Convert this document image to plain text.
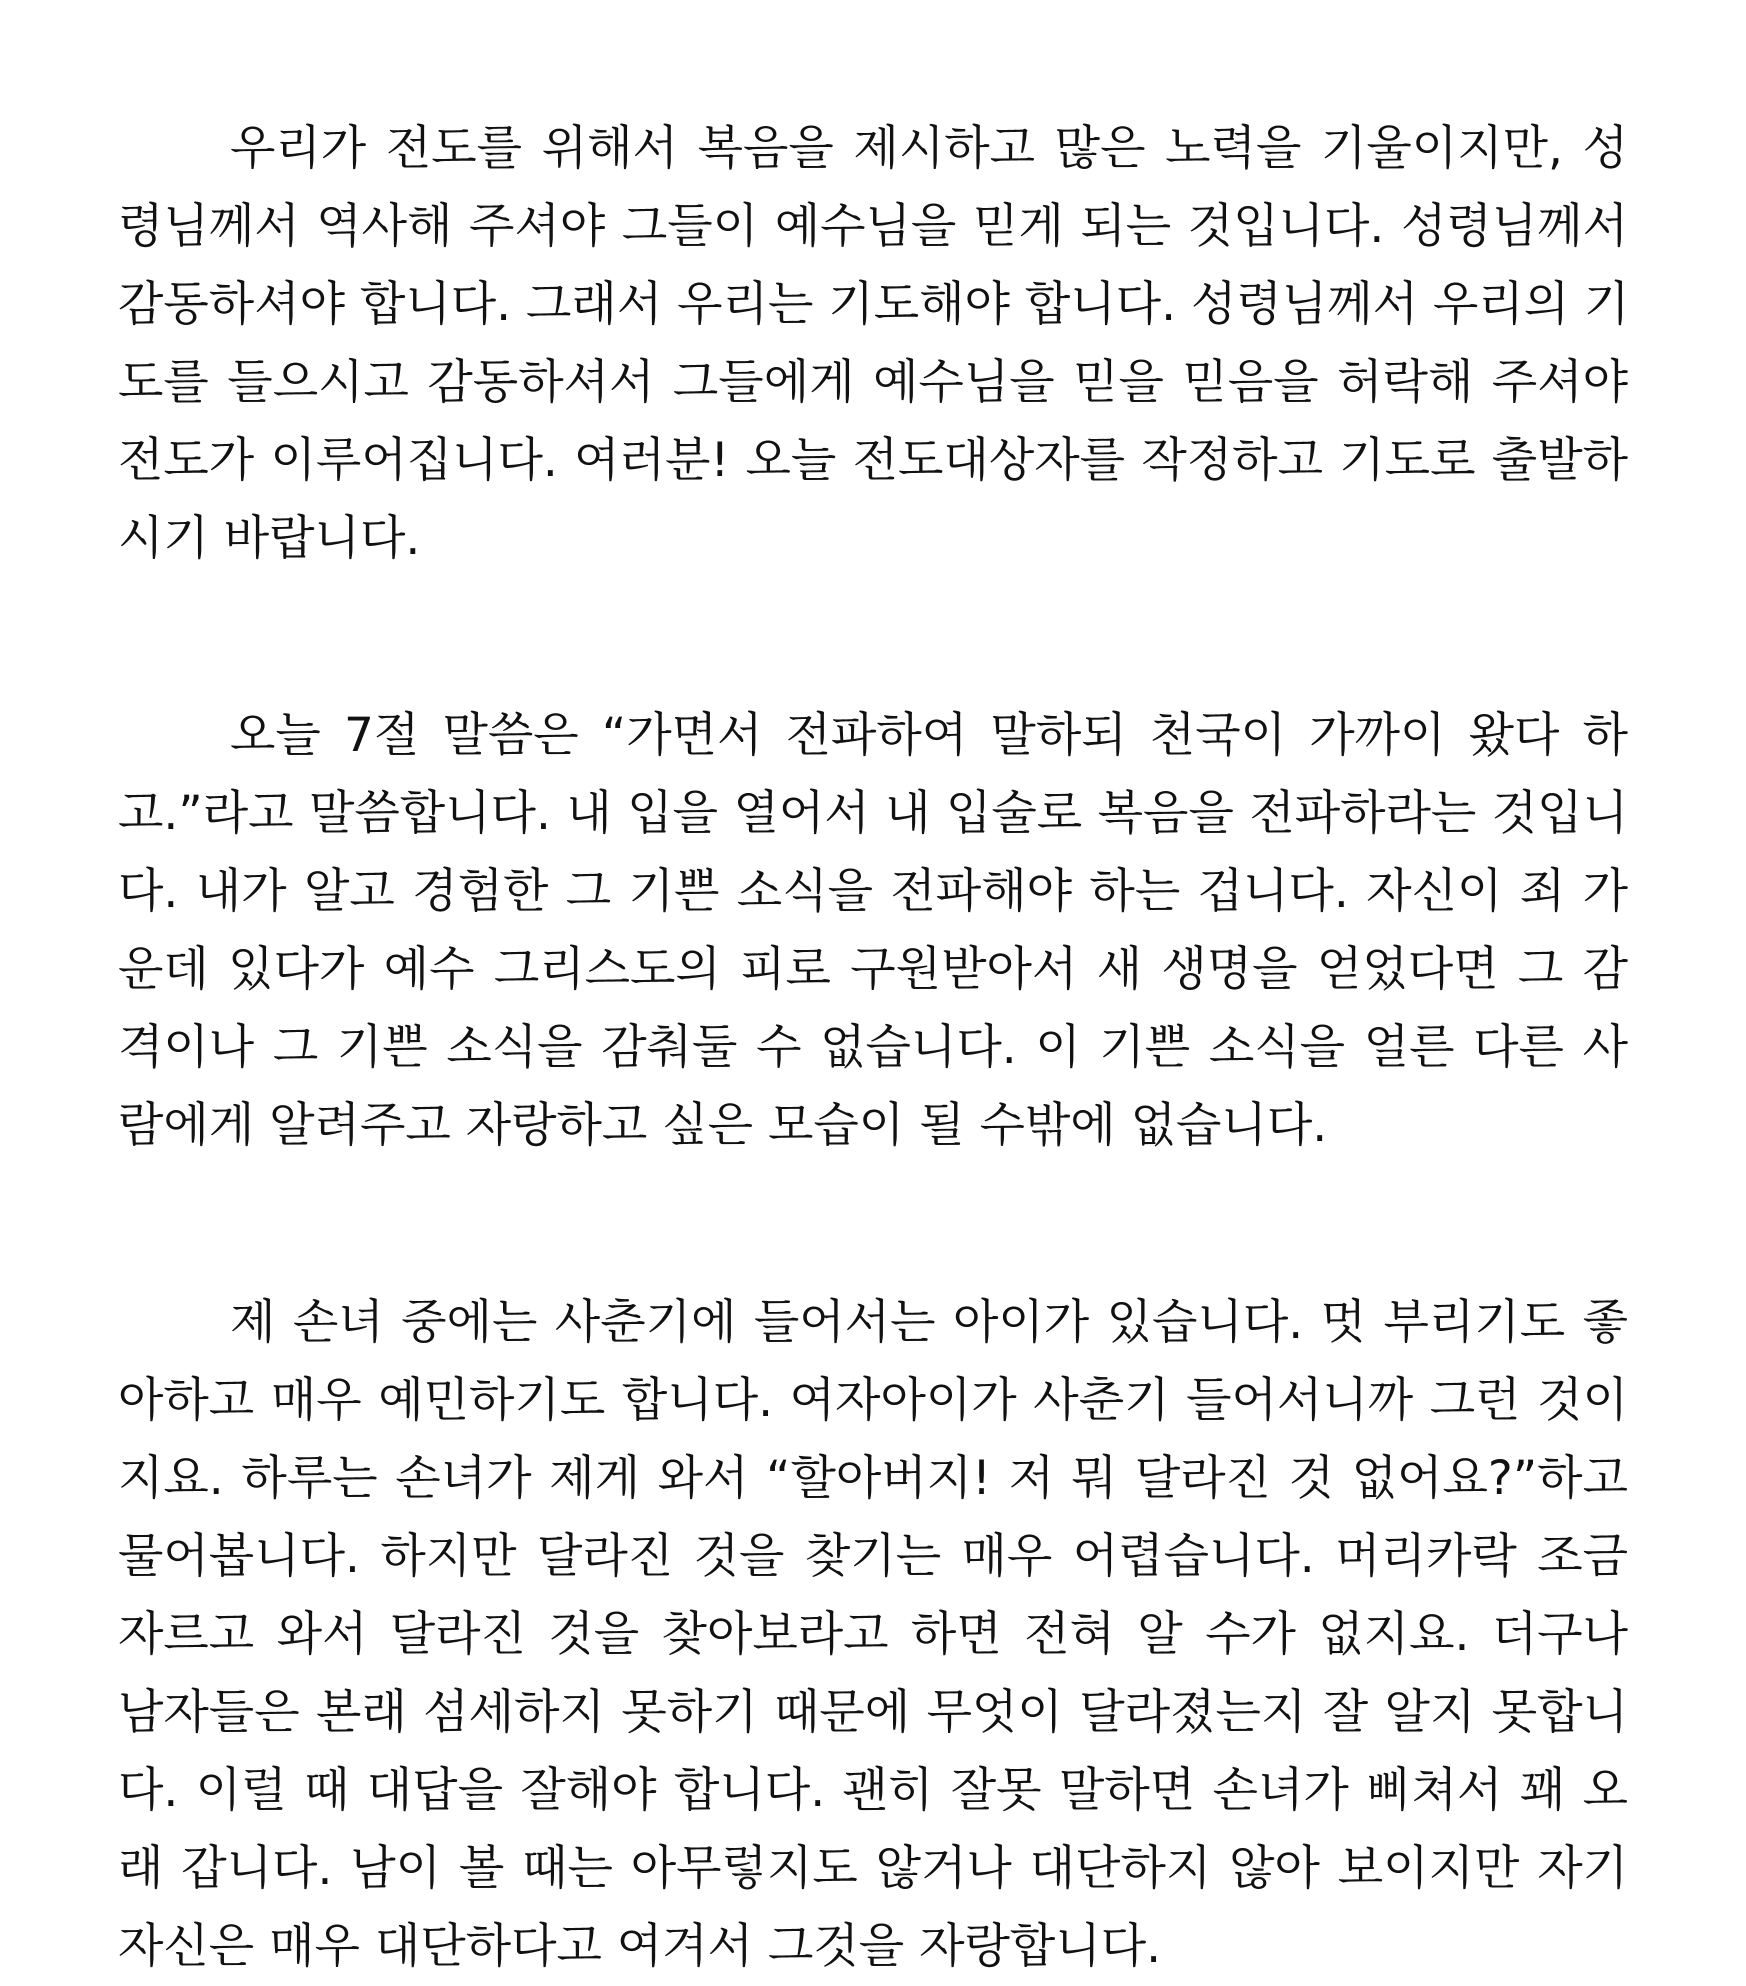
우리가 전도를 위해서 복음을 제시하고 많은 노력을 기울이지만, 성
령님께서 역사해 주셔야 그들이 예수님을 믿게 되는 것입니다. 성령님께서
감동하셔야 합니다. 그래서 우리는 기도해야 합니다. 성령님께서 우리의 기
도를 들으시고 감동하셔서 그들에게 예수님을 믿을 믿음을 허락해 주셔야
전도가 이루어집니다. 여러분! 오늘 전도대상자를 작정하고 기도로 출발하
시기 바랍니다.
오늘 7절 말씀은 “가면서 전파하여 말하되 천국이 가까이 왔다 하
고.”라고 말씀합니다. 내 입을 열어서 내 입술로 복음을 전파하라는 것입니
다. 내가 알고 경험한 그 기쁜 소식을 전파해야 하는 겁니다. 자신이 죄 가
운데 있다가 예수 그리스도의 피로 구원받아서 새 생명을 얻었다면 그 감
격이나 그 기쁜 소식을 감춰둘 수 없습니다. 이 기쁜 소식을 얼른 다른 사
람에게 알려주고 자랑하고 싶은 모습이 될 수밖에 없습니다.
제 손녀 중에는 사춘기에 들어서는 아이가 있습니다. 멋 부리기도 좋
아하고 매우 예민하기도 합니다. 여자아이가 사춘기 들어서니까 그런 것이
지요. 하루는 손녀가 제게 와서 “할아버지! 저 뭐 달라진 것 없어요?”하고
물어봅니다. 하지만 달라진 것을 찾기는 매우 어렵습니다. 머리카락 조금
자르고 와서 달라진 것을 찾아보라고 하면 전혀 알 수가 없지요. 더구나
남자들은 본래 섬세하지 못하기 때문에 무엇이 달라졌는지 잘 알지 못합니
다. 이럴 때 대답을 잘해야 합니다. 괜히 잘못 말하면 손녀가 삐쳐서 꽤 오
래 갑니다. 남이 볼 때는 아무렇지도 않거나 대단하지 않아 보이지만 자기
자신은 매우 대단하다고 여겨서 그것을 자랑합니다.
